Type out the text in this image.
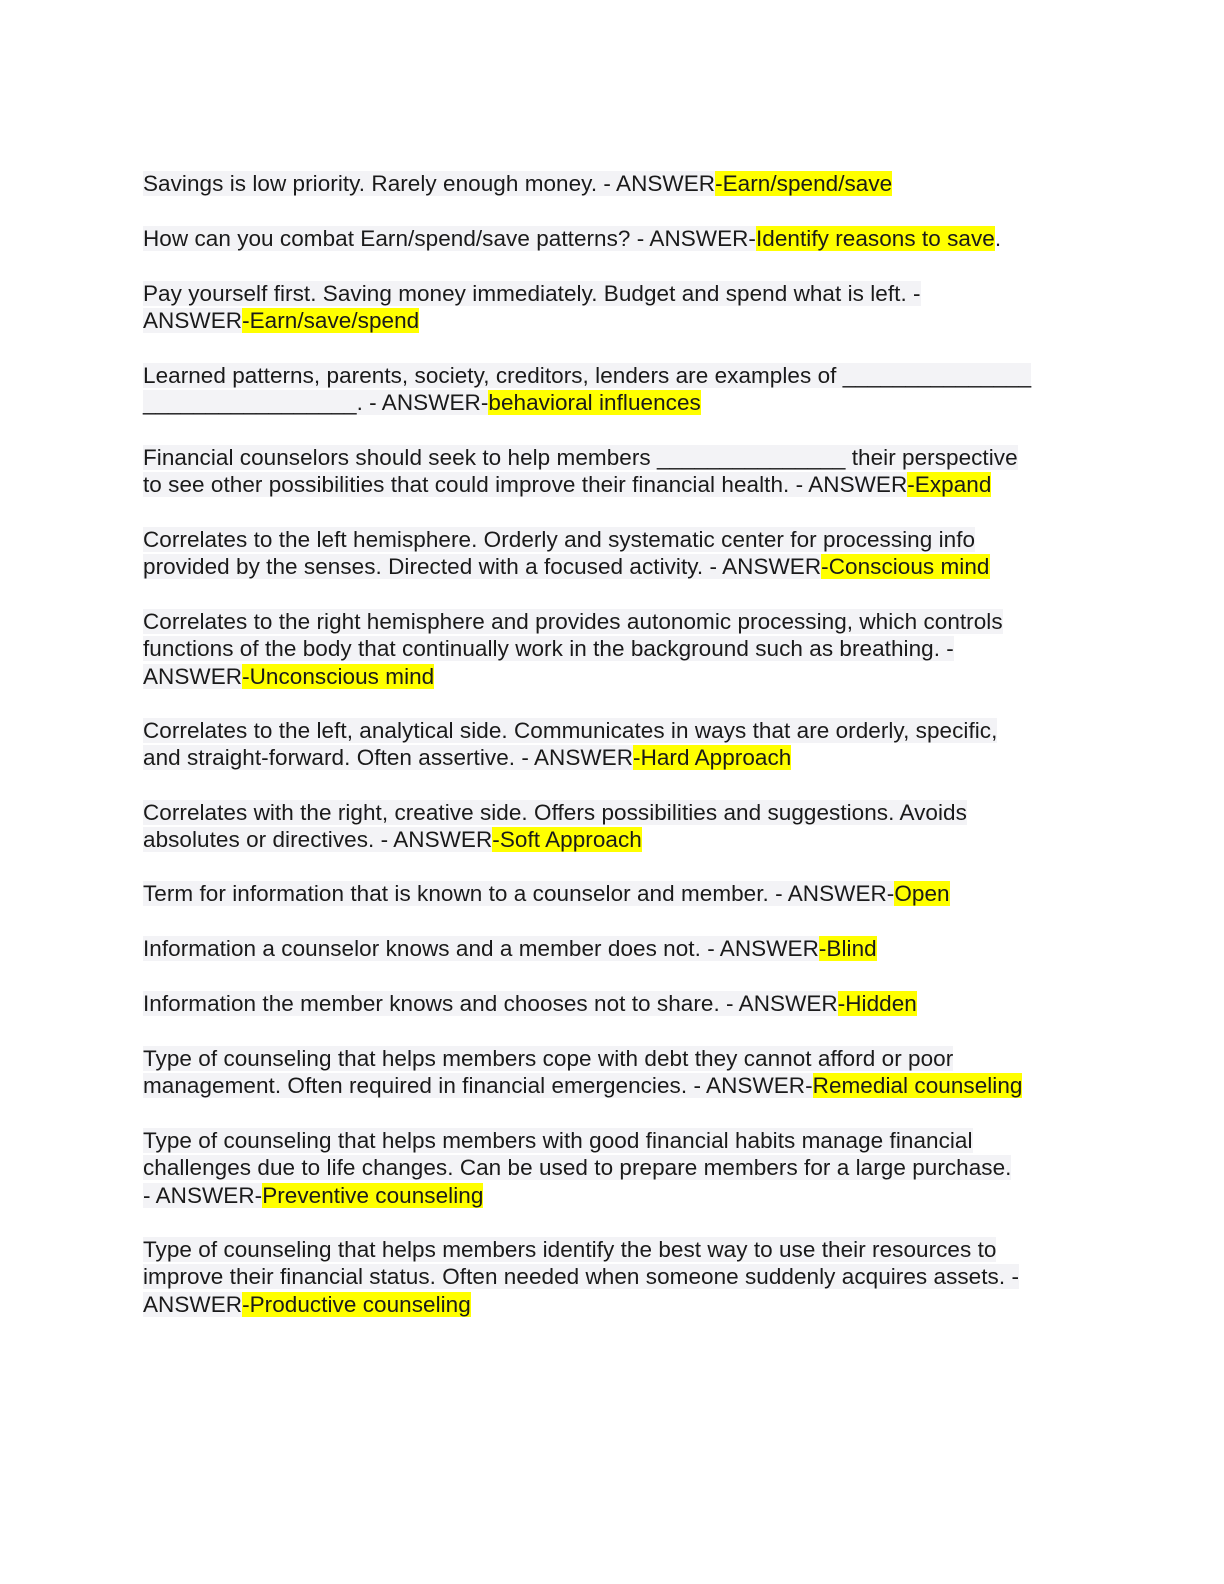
Savings is low priority. Rarely enough money. - ANSWER-Earn/spend/save

How can you combat Earn/spend/save patterns? - ANSWER-Identify reasons to save.

Pay yourself first. Saving money immediately. Budget and spend what is left. -
ANSWER-Earn/save/spend

Learned patterns, parents, society, creditors, lenders are examples of _______________
_________________. - ANSWER-behavioral influences

Financial counselors should seek to help members _______________ their perspective
to see other possibilities that could improve their financial health. - ANSWER-Expand

Correlates to the left hemisphere. Orderly and systematic center for processing info
provided by the senses. Directed with a focused activity. - ANSWER-Conscious mind

Correlates to the right hemisphere and provides autonomic processing, which controls
functions of the body that continually work in the background such as breathing. -
ANSWER-Unconscious mind

Correlates to the left, analytical side. Communicates in ways that are orderly, specific,
and straight-forward. Often assertive. - ANSWER-Hard Approach

Correlates with the right, creative side. Offers possibilities and suggestions. Avoids
absolutes or directives. - ANSWER-Soft Approach

Term for information that is known to a counselor and member. - ANSWER-Open

Information a counselor knows and a member does not. - ANSWER-Blind

Information the member knows and chooses not to share. - ANSWER-Hidden

Type of counseling that helps members cope with debt they cannot afford or poor
management. Often required in financial emergencies. - ANSWER-Remedial counseling

Type of counseling that helps members with good financial habits manage financial
challenges due to life changes. Can be used to prepare members for a large purchase.
- ANSWER-Preventive counseling

Type of counseling that helps members identify the best way to use their resources to
improve their financial status. Often needed when someone suddenly acquires assets. -
ANSWER-Productive counseling
